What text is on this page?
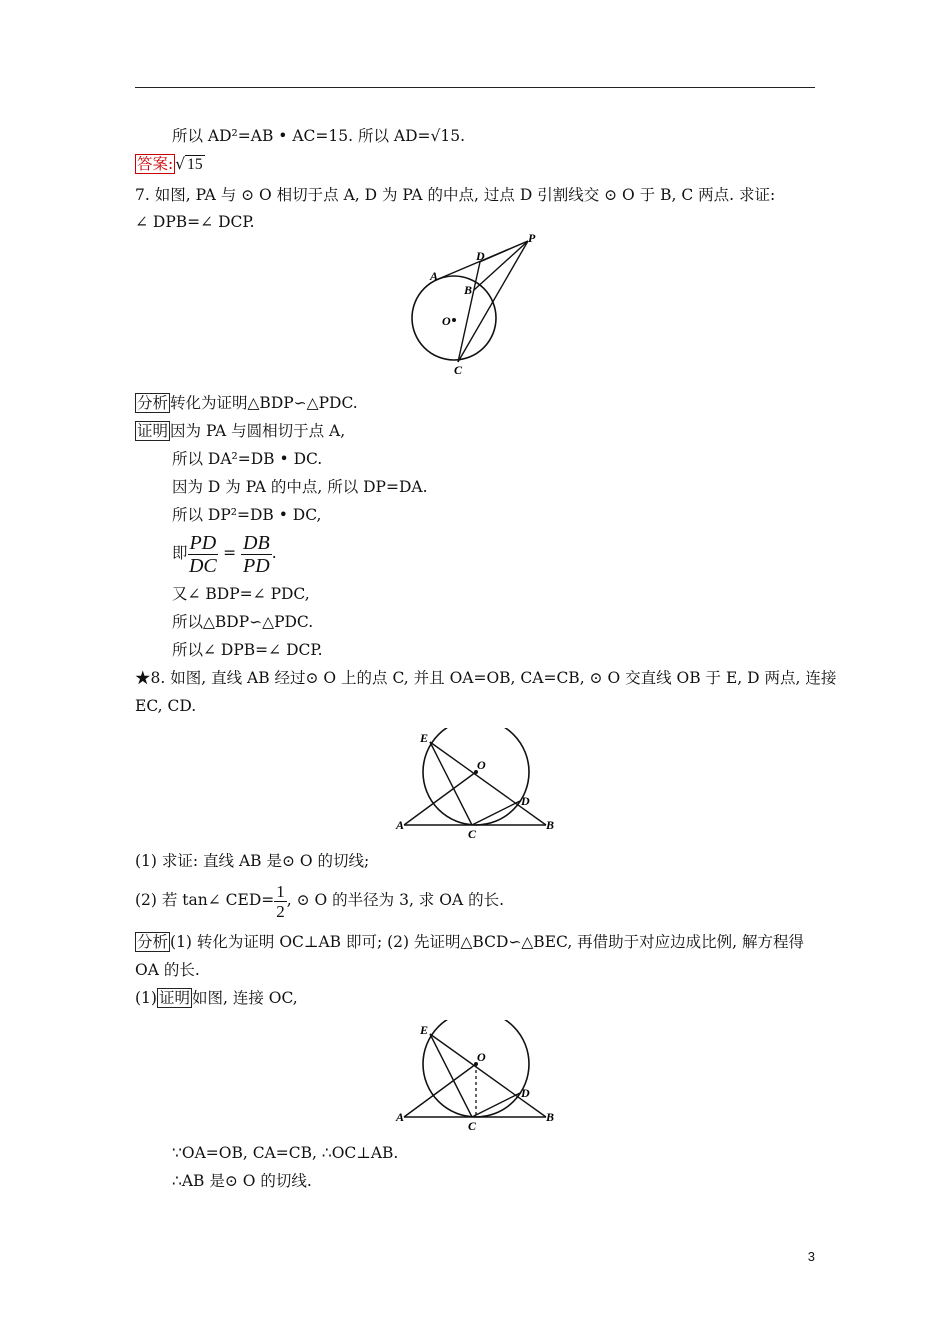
所以 AD²=AB • AC=15. 所以 AD=√15.
答案: √ 15
7. 如图, PA 与 ⊙ O 相切于点 A, D 为 PA 的中点, 过点 D 引割线交 ⊙ O 于 B, C 两点. 求证:
∠ DPB=∠ DCP.
P
D
A
B
O
C
分析 转化为证明△BDP∽△PDC.
证明 因为 PA 与圆相切于点 A,
所以 DA²=DB • DC.
因为 D 为 PA 的中点, 所以 DP=DA.
所以 DP²=DB • DC,
即 $\frac{PD}{DC} = \frac{DB}{PD}$ .
又∠ BDP=∠ PDC,
所以△BDP∽△PDC.
所以∠ DPB=∠ DCP.
★8. 如图, 直线 AB 经过⊙ O 上的点 C, 并且 OA=OB, CA=CB, ⊙ O 交直线 OB 于 E, D 两点, 连接
EC, CD.
E
O
D
A
C
B
(1) 求证: 直线 AB 是⊙ O 的切线;
(2) 若 tan∠ $CED= \frac{1}{2}$ , ⊙ O 的半径为 3, 求 OA 的长.
分析 (1) 转化为证明 OC⊥AB 即可; (2) 先证明△BCD∽△BEC, 再借助于对应边成比例, 解方程得
OA 的长.
(1) 证明 如图, 连接 OC,
E
O
D
A
C
B
∵OA=OB, CA=CB, ∴OC⊥AB.
∴AB 是⊙ O 的切线.
3
